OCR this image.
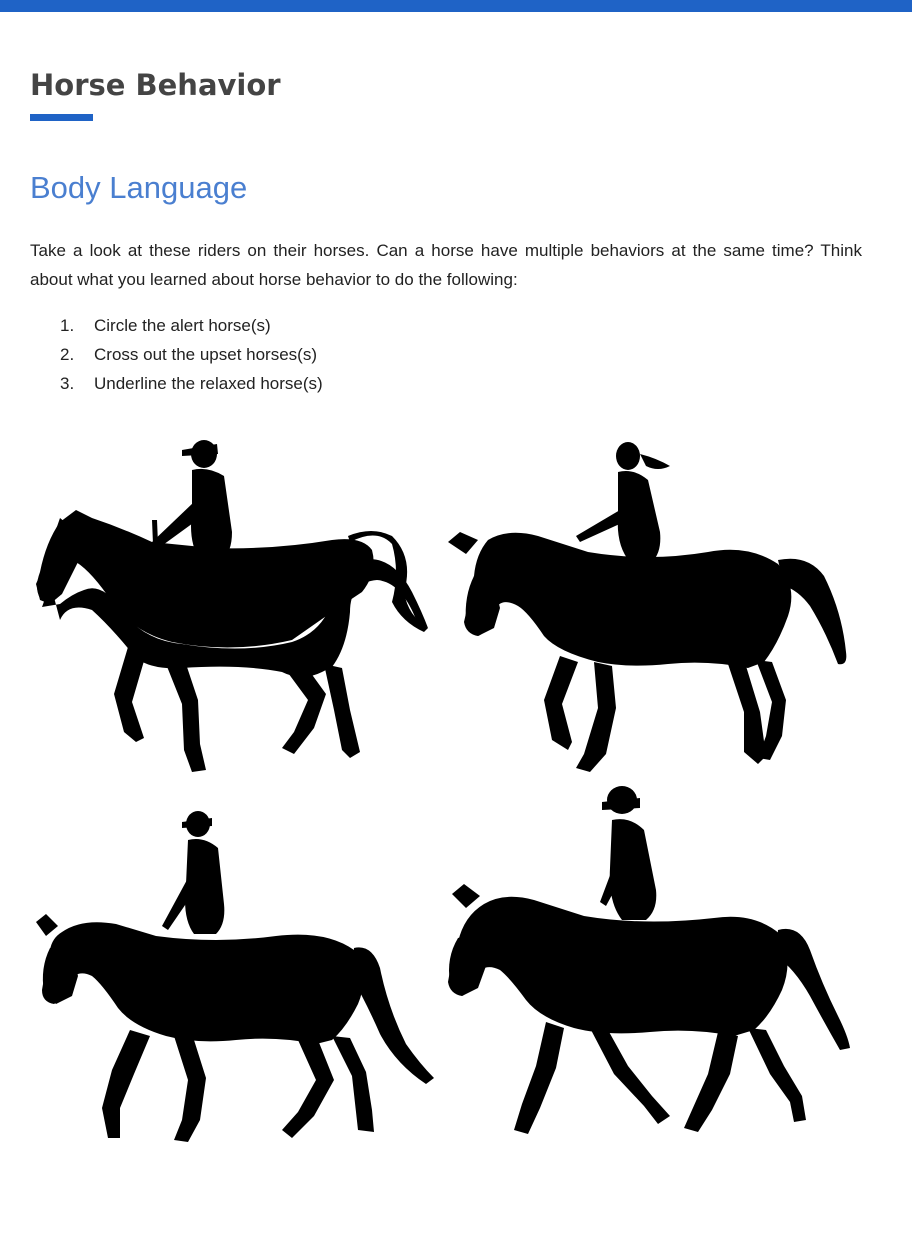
Horse Behavior
Body Language

Take a look at these riders on their horses. Can a horse have multiple behaviors at the same time? Think about what you learned about horse behavior to do the following:

1. Circle the alert horse(s)
2. Cross out the upset horses(s)
3. Underline the relaxed horse(s)
